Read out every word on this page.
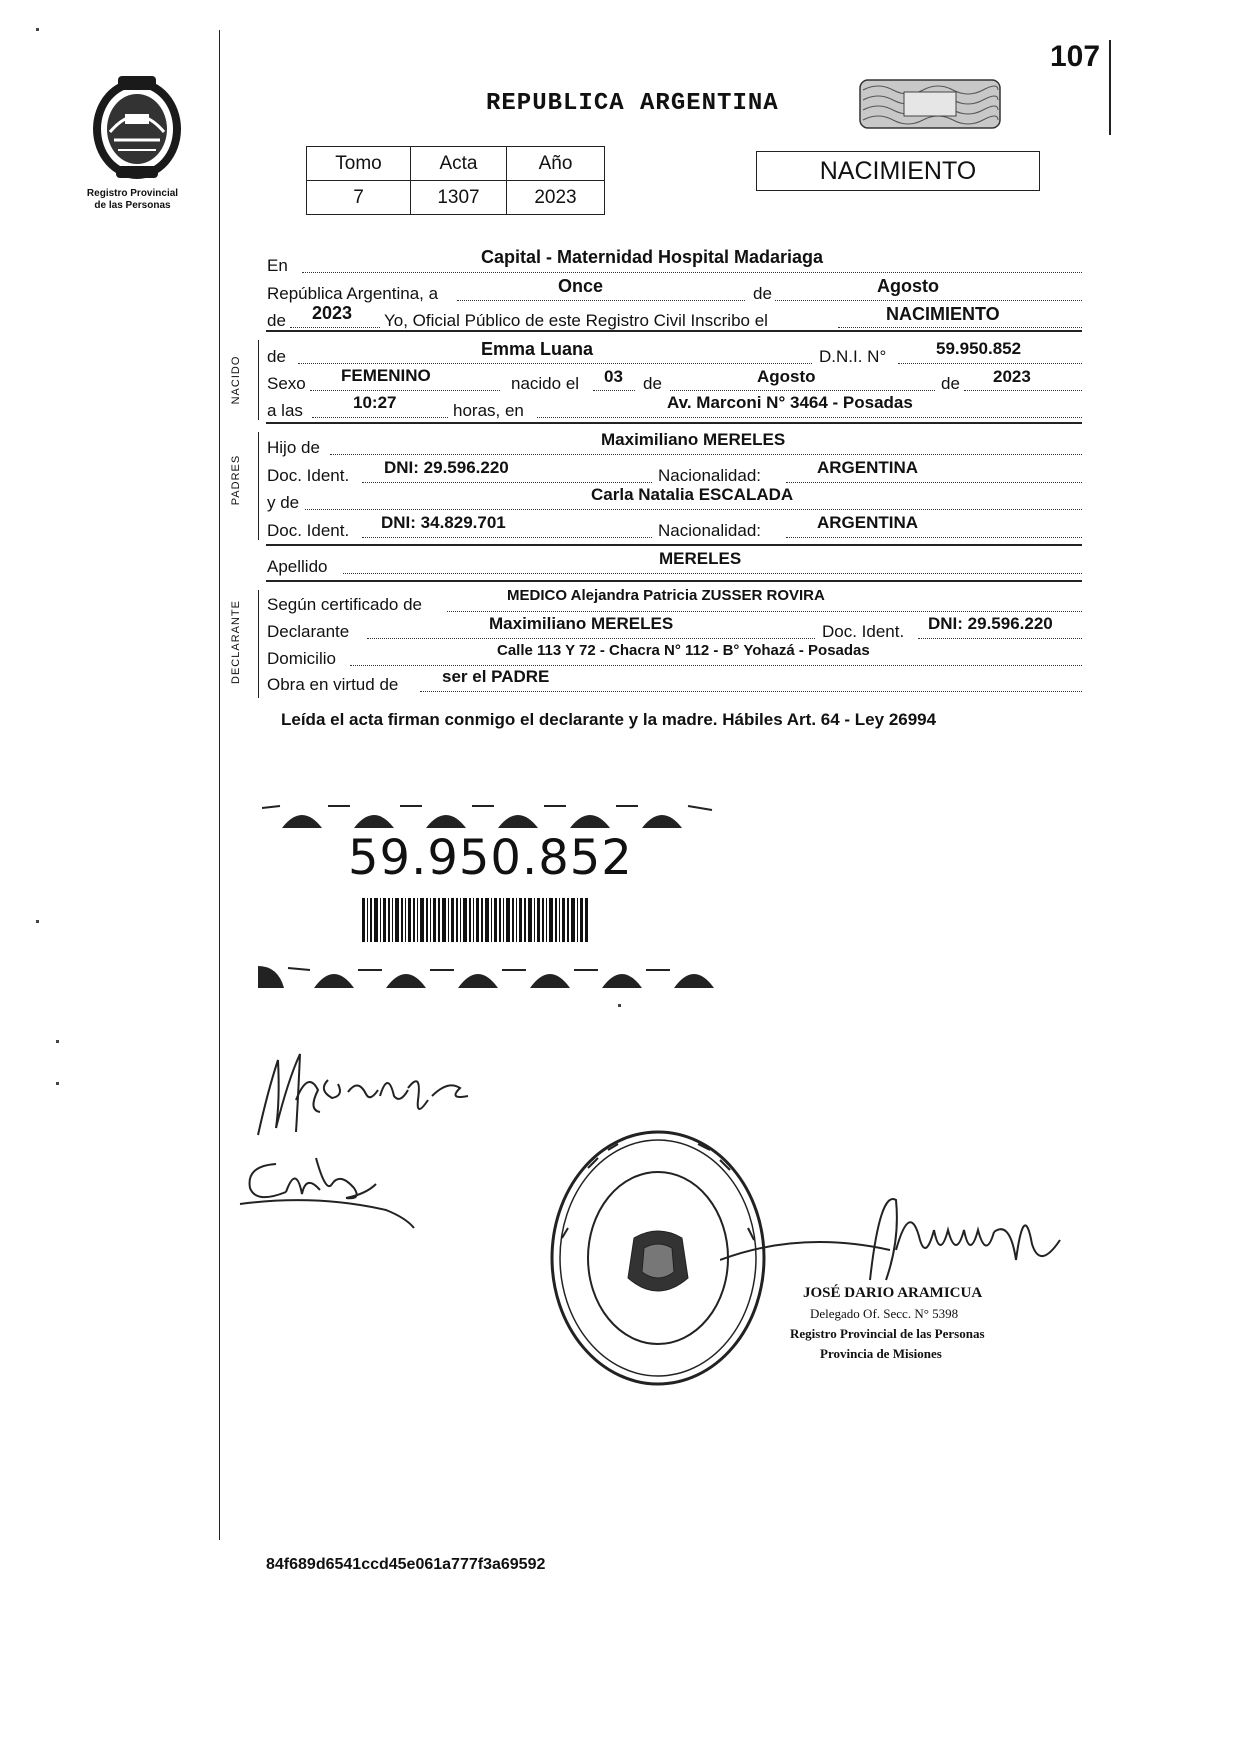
107
Registro Provincial
de las Personas
REPUBLICA ARGENTINA
Tomo	Acta	Año
7	1307	2023
NACIMIENTO
En	Capital - Maternidad Hospital Madariaga
República Argentina, a	Once	de	Agosto
de 2023 Yo, Oficial Público de este Registro Civil Inscribo el	NACIMIENTO
NACIDO de	Emma Luana	D.N.I. N°	59.950.852
Sexo FEMENINO	nacido el 03 de	Agosto	de 2023
a las	10:27	horas, en	Av. Marconi N° 3464 - Posadas
PADRES
Hijo de	Maximiliano MERELES
Doc. Ident. DNI: 29.596.220	Nacionalidad:	ARGENTINA
y de	Carla Natalia ESCALADA
Doc. Ident. DNI: 34.829.701	Nacionalidad:	ARGENTINA
Apellido	MERELES
DECLARANTE Según certificado de	MEDICO Alejandra Patricia ZUSSER ROVIRA
Declarante	Maximiliano MERELES	Doc. Ident. DNI: 29.596.220
Domicilio	Calle 113 Y 72 - Chacra N° 112 - B° Yohazá - Posadas
Obra en virtud de	ser el PADRE
Leída el acta firman conmigo el declarante y la madre. Hábiles Art. 64 - Ley 26994
59.950.852
JOSÉ DARIO ARAMICUA
Delegado Of. Secc. N° 5398
Registro Provincial de las Personas
Provincia de Misiones
84f689d6541ccd45e061a777f3a69592
